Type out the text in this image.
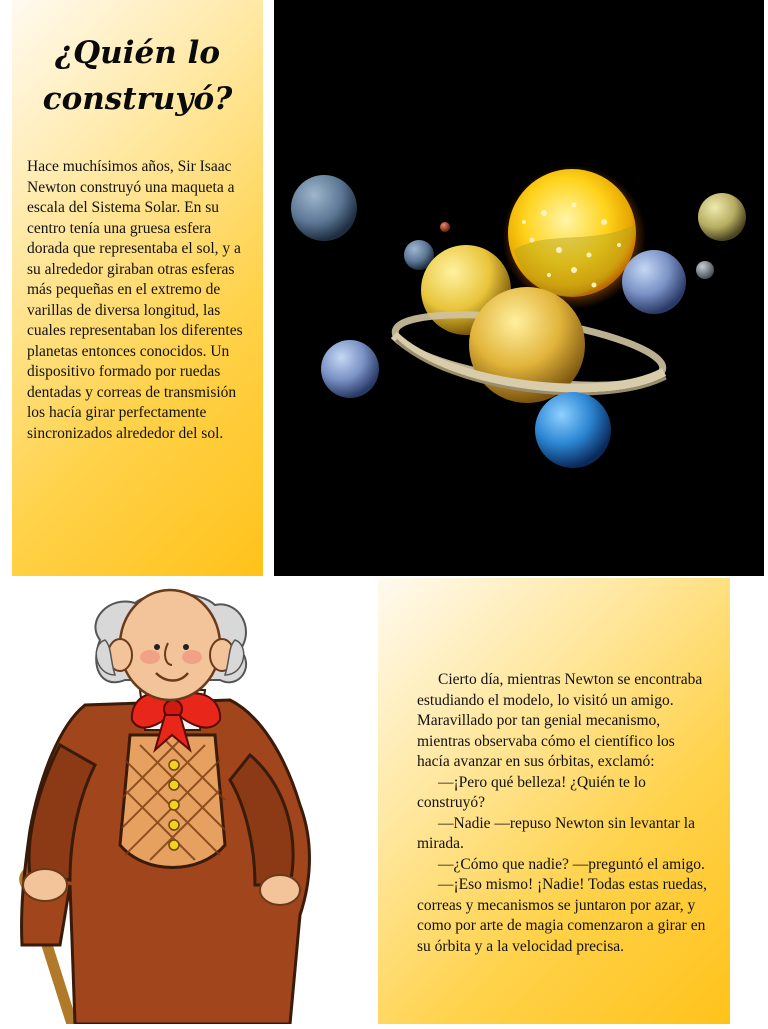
¿Quién lo
construyó?
Hace muchísimos años, Sir Isaac Newton construyó una maqueta a escala del Sistema Solar. En su centro tenía una gruesa esfera dorada que representaba el sol, y a su alrededor giraban otras esferas más pequeñas en el extremo de varillas de diversa longitud, las cuales representaban los diferentes planetas entonces conocidos. Un dispositivo formado por ruedas dentadas y correas de transmisión los hacía girar perfectamente sincronizados alrededor del sol.

Cierto día, mientras Newton se encontraba estudiando el modelo, lo visitó un amigo. Maravillado por tan genial mecanismo, mientras observaba cómo el científico los hacía avanzar en sus órbitas, exclamó:

—¡Pero qué belleza! ¿Quién te lo construyó?

—Nadie —repuso Newton sin levantar la mirada.

—¿Cómo que nadie? —preguntó el amigo.

—¡Eso mismo! ¡Nadie! Todas estas ruedas, correas y mecanismos se juntaron por azar, y como por arte de magia comenzaron a girar en su órbita y a la velocidad precisa.
